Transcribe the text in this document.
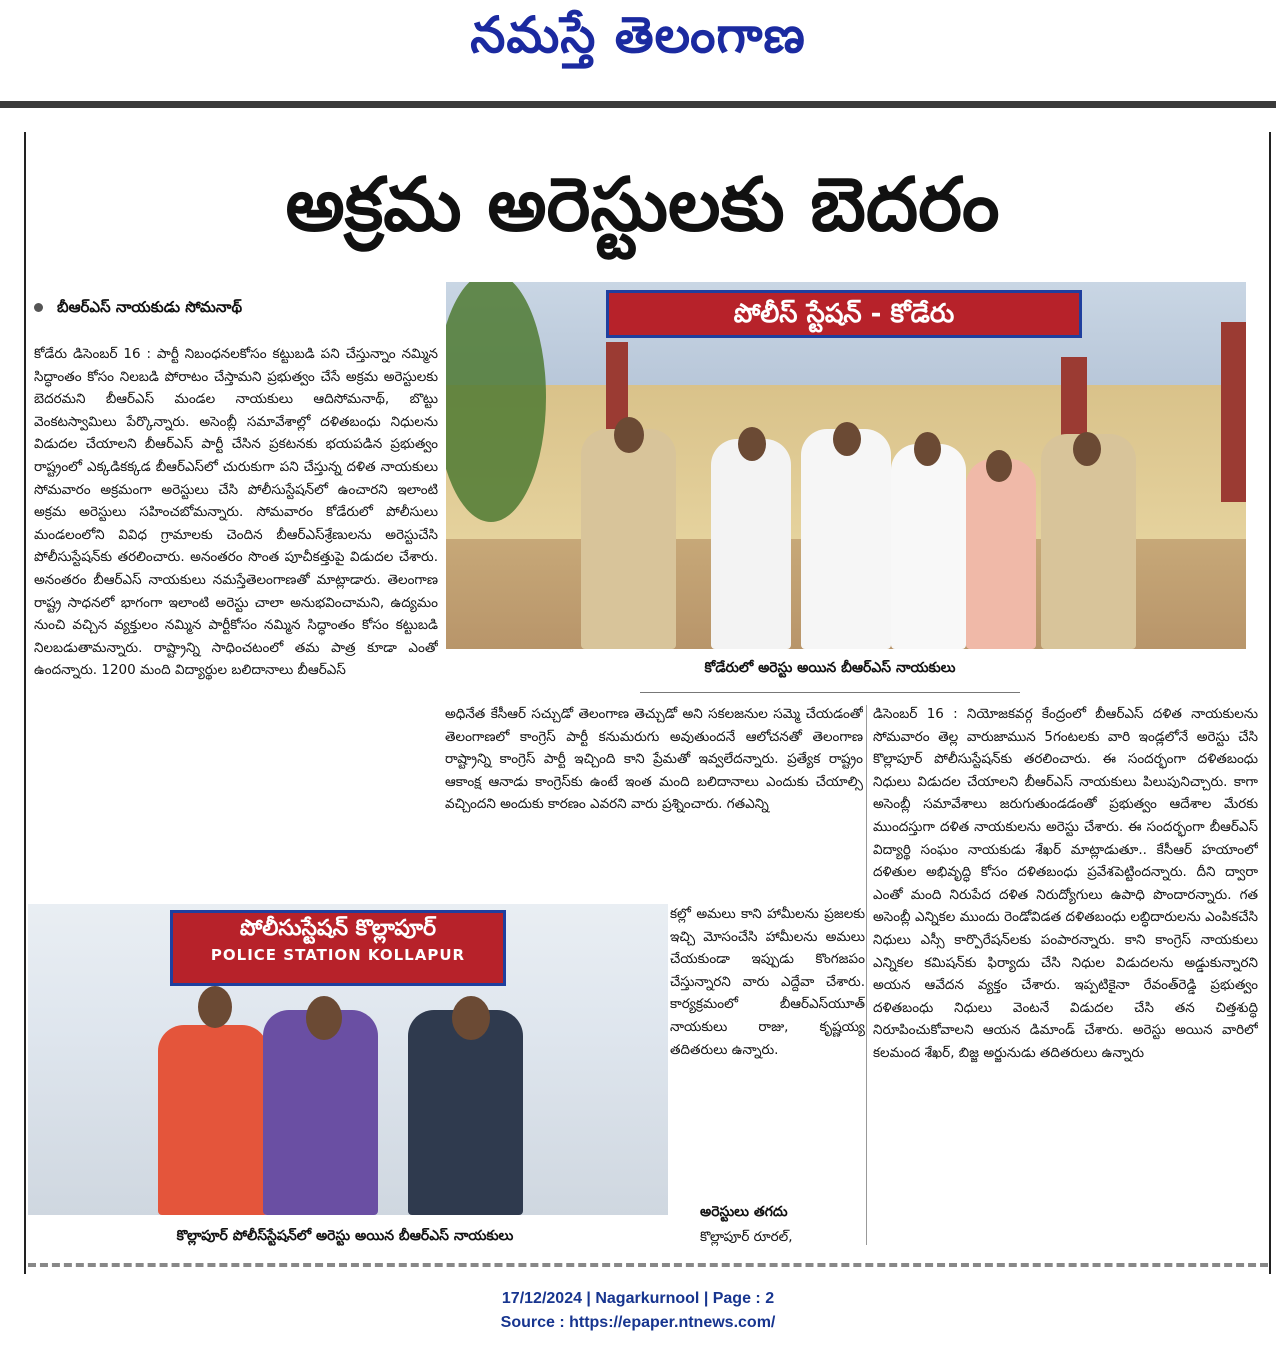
నమస్తే తెలంగాణ
అక్రమ అరెస్టులకు బెదరం
బీఆర్ఎస్ నాయకుడు సోమనాథ్
కోడేరు డిసెంబర్ 16 : పార్టీ నిబంధనలకోసం కట్టుబడి పని చేస్తున్నాం నమ్మిన సిద్ధాంతం కోసం నిలబడి పోరాటం చేస్తామని ప్రభుత్వం చేసే అక్రమ అరెస్టులకు బెదరమని బీఆర్ఎస్ మండల నాయకులు ఆదిసోమనాథ్, బొట్టు వెంకటస్వామిలు పేర్కొన్నారు. అసెంబ్లీ సమావేశాల్లో దళితబంధు నిధులను విడుదల చేయాలని బీఆర్ఎస్ పార్టీ చేసిన ప్రకటనకు భయపడిన ప్రభుత్వం రాష్ట్రంలో ఎక్కడికక్కడ బీఆర్ఎస్‌లో చురుకుగా పని చేస్తున్న దళిత నాయకులు సోమవారం అక్రమంగా అరెస్టులు చేసి పోలీసుస్టేషన్‌లో ఉంచారని ఇలాంటి అక్రమ అరెస్టులు సహించబోమన్నారు. సోమవారం కోడేరులో పోలీసులు మండలంలోని వివిధ గ్రామాలకు చెందిన బీఆర్ఎస్‌శ్రేణులను అరెస్టుచేసి పోలీసుస్టేషన్‌కు తరలించారు. అనంతరం సొంత పూచీకత్తుపై విడుదల చేశారు. అనంతరం బీఆర్ఎస్ నాయకులు నమస్తేతెలంగాణతో మాట్లాడారు. తెలంగాణ రాష్ట్ర సాధనలో భాగంగా ఇలాంటి అరెస్టు చాలా అనుభవించామని, ఉద్యమం నుంచి వచ్చిన వ్యక్తులం నమ్మిన పార్టీకోసం నమ్మిన సిద్ధాంతం కోసం కట్టుబడి నిలబడుతామన్నారు. రాష్ట్రాన్ని సాధించటంలో తమ పాత్ర కూడా ఎంతో ఉందన్నారు. 1200 మంది విద్యార్థుల బలిదానాలు బీఆర్ఎస్
పోలీస్ స్టేషన్ - కోడేరు
కోడేరులో అరెస్టు అయిన బీఆర్ఎస్ నాయకులు
అధినేత కేసీఆర్ సచ్చుడో తెలంగాణ తెచ్చుడో అని సకలజనుల సమ్మె చేయడంతో తెలంగాణలో కాంగ్రెస్ పార్టీ కనుమరుగు అవుతుందనే ఆలోచనతో తెలంగాణ రాష్ట్రాన్ని కాంగ్రెస్ పార్టీ ఇచ్చింది కాని ప్రేమతో ఇవ్వలేదన్నారు. ప్రత్యేక రాష్ట్రం ఆకాంక్ష ఆనాడు కాంగ్రెస్‌కు ఉంటే ఇంత మంది బలిదానాలు ఎందుకు చేయాల్సి వచ్చిందని అందుకు కారణం ఎవరని వారు ప్రశ్నించారు. గతఎన్ని
కల్లో అమలు కాని హామీలను ప్రజలకు ఇచ్చి మోసంచేసి హామీలను అమలు చేయకుండా ఇప్పుడు కొంగజపం చేస్తున్నారని వారు ఎద్దేవా చేశారు. కార్యక్రమంలో బీఆర్ఎస్‌యూత్ నాయకులు రాజు, కృష్ణయ్య తదితరులు ఉన్నారు.
అరెస్టులు తగదు
కొల్లాపూర్ రూరల్,
డిసెంబర్ 16 : నియోజకవర్గ కేంద్రంలో బీఆర్ఎస్ దళిత నాయకులను సోమవారం తెల్ల వారుజామున 5గంటలకు వారి ఇండ్లలోనే అరెస్టు చేసి కొల్లాపూర్ పోలీసుస్టేషన్‌కు తరలించారు. ఈ సందర్భంగా దళితబంధు నిధులు విడుదల చేయాలని బీఆర్ఎస్ నాయకులు పిలుపునిచ్చారు. కాగా అసెంబ్లీ సమావేశాలు జరుగుతుండడంతో ప్రభుత్వం ఆదేశాల మేరకు ముందస్తుగా దళిత నాయకులను అరెస్టు చేశారు. ఈ సందర్భంగా బీఆర్ఎస్ విద్యార్థి సంఘం నాయకుడు శేఖర్ మాట్లాడుతూ.. కేసీఆర్ హయాంలో దళితుల అభివృద్ధి కోసం దళితబంధు ప్రవేశపెట్టిందన్నారు. దీని ద్వారా ఎంతో మంది నిరుపేద దళిత నిరుద్యోగులు ఉపాధి పొందారన్నారు. గత అసెంబ్లీ ఎన్నికల ముందు రెండోవిడత దళితబంధు లబ్ధిదారులను ఎంపికచేసి నిధులు ఎస్సీ కార్పొరేషన్‌లకు పంపారన్నారు. కాని కాంగ్రెస్ నాయకులు ఎన్నికల కమిషన్‌కు ఫిర్యాదు చేసి నిధుల విడుదలను అడ్డుకున్నారని అయన ఆవేదన వ్యక్తం చేశారు. ఇప్పటికైనా రేవంత్‌రెడ్డి ప్రభుత్వం దళితబంధు నిధులు వెంటనే విడుదల చేసి తన చిత్తశుద్ధి నిరూపించుకోవాలని ఆయన డిమాండ్ చేశారు. అరెస్టు అయిన వారిలో కలమంద శేఖర్, బిజ్జ అర్జునుడు తదితరులు ఉన్నారు
పోలీసుస్టేషన్ కొల్లాపూర్
POLICE STATION KOLLAPUR
కొల్లాపూర్ పోలీస్‌స్టేషన్‌లో అరెస్టు అయిన బీఆర్ఎస్ నాయకులు
17/12/2024 | Nagarkurnool | Page : 2
Source : https://epaper.ntnews.com/
